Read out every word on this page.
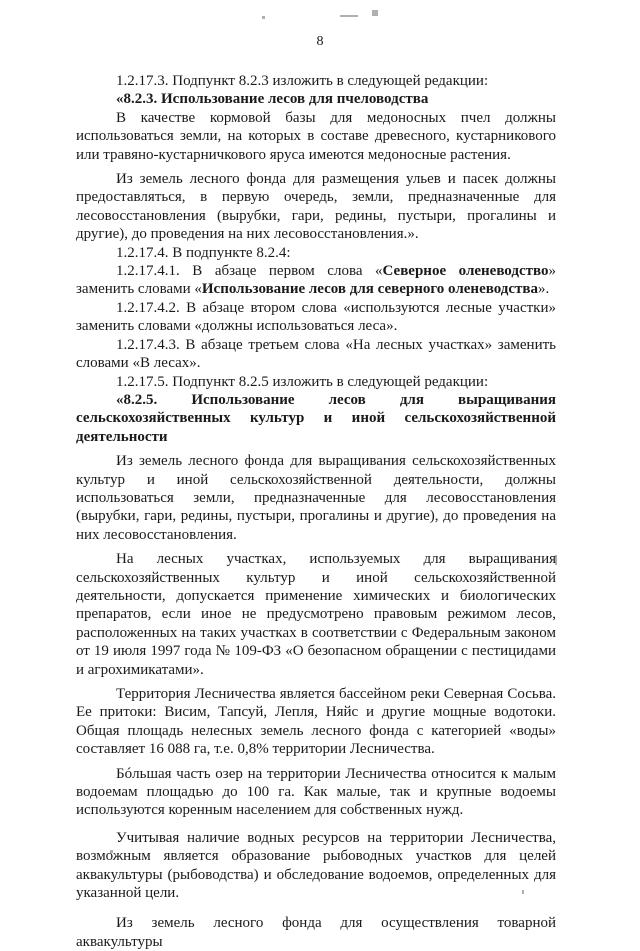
8

1.2.17.3. Подпункт 8.2.3 изложить в следующей редакции:

«8.2.3. Использование лесов для пчеловодства

В качестве кормовой базы для медоносных пчел должны использоваться земли, на которых в составе древесного, кустарникового или травяно-кустарничкового яруса имеются медоносные растения.

Из земель лесного фонда для размещения ульев и пасек должны предоставляться, в первую очередь, земли, предназначенные для лесовосстановления (вырубки, гари, редины, пустыри, прогалины и другие), до проведения на них лесовосстановления.».

1.2.17.4. В подпункте 8.2.4:

1.2.17.4.1. В абзаце первом слова «Северное оленеводство» заменить словами «Использование лесов для северного оленеводства».

1.2.17.4.2. В абзаце втором слова «используются лесные участки» заменить словами «должны использоваться леса».

1.2.17.4.3. В абзаце третьем слова «На лесных участках» заменить словами «В лесах».

1.2.17.5. Подпункт 8.2.5 изложить в следующей редакции:

«8.2.5. Использование лесов для выращивания сельскохозяйственных культур и иной сельскохозяйственной деятельности

Из земель лесного фонда для выращивания сельскохозяйственных культур и иной сельскохозяйственной деятельности, должны использоваться земли, предназначенные для лесовосстановления (вырубки, гари, редины, пустыри, прогалины и другие), до проведения на них лесовосстановления.

На лесных участках, используемых для выращивания сельскохозяйственных культур и иной сельскохозяйственной деятельности, допускается применение химических и биологических препаратов, если иное не предусмотрено правовым режимом лесов, расположенных на таких участках в соответствии с Федеральным законом от 19 июля 1997 года № 109-ФЗ «О безопасном обращении с пестицидами и агрохимикатами».

Территория Лесничества является бассейном реки Северная Сосьва. Ее притоки: Висим, Тапсуй, Лепля, Няйс и другие мощные водотоки. Общая площадь нелесных земель лесного фонда с категорией «воды» составляет 16 088 га, т.е. 0,8% территории Лесничества.

Бóльшая часть озер на территории Лесничества относится к малым водоемам площадью до 100 га. Как малые, так и крупные водоемы используются коренным населением для собственных нужд.

Учитывая наличие водных ресурсов на территории Лесничества, возможным является образование рыбоводных участков для целей аквакультуры (рыбоводства) и обследование водоемов, определенных для указанной цели.

Из земель лесного фонда для осуществления товарной аквакультуры
